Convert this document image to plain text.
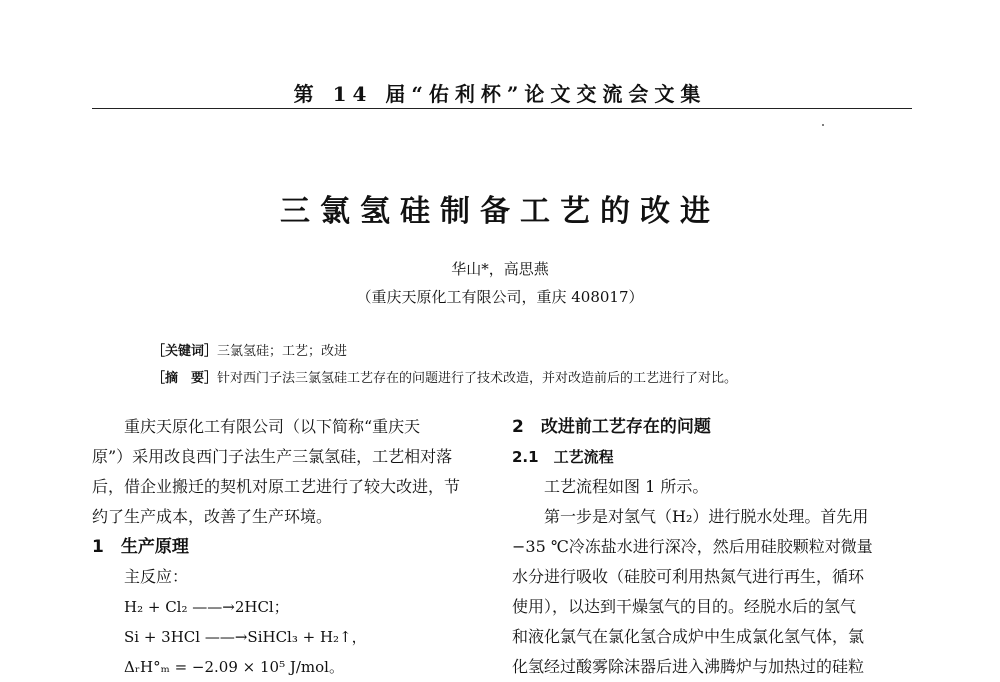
第 14 届“佑利杯”论文交流会文集
三氯氢硅制备工艺的改进
华山*，高思燕
（重庆天原化工有限公司，重庆 408017）
［关键词］三氯氢硅；工艺；改进
［摘　要］针对西门子法三氯氢硅工艺存在的问题进行了技术改造，并对改造前后的工艺进行了对比。
重庆天原化工有限公司（以下简称“重庆天
原”）采用改良西门子法生产三氯氢硅，工艺相对落
后，借企业搬迁的契机对原工艺进行了较大改进，节
约了生产成本，改善了生产环境。
1　生产原理
主反应：
H₂ + Cl₂ ——→2HCl；
Si + 3HCl ——→SiHCl₃ + H₂↑，
ΔᵣH°ₘ = −2.09 × 10⁵ J/mol。
2　改进前工艺存在的问题
2.1　工艺流程
工艺流程如图 1 所示。
第一步是对氢气（H₂）进行脱水处理。首先用
−35 ℃冷冻盐水进行深冷，然后用硅胶颗粒对微量
水分进行吸收（硅胶可利用热氮气进行再生，循环
使用），以达到干燥氢气的目的。经脱水后的氢气
和液化氯气在氯化氢合成炉中生成氯化氢气体，氯
化氢经过酸雾除沫器后进入沸腾炉与加热过的硅粒
